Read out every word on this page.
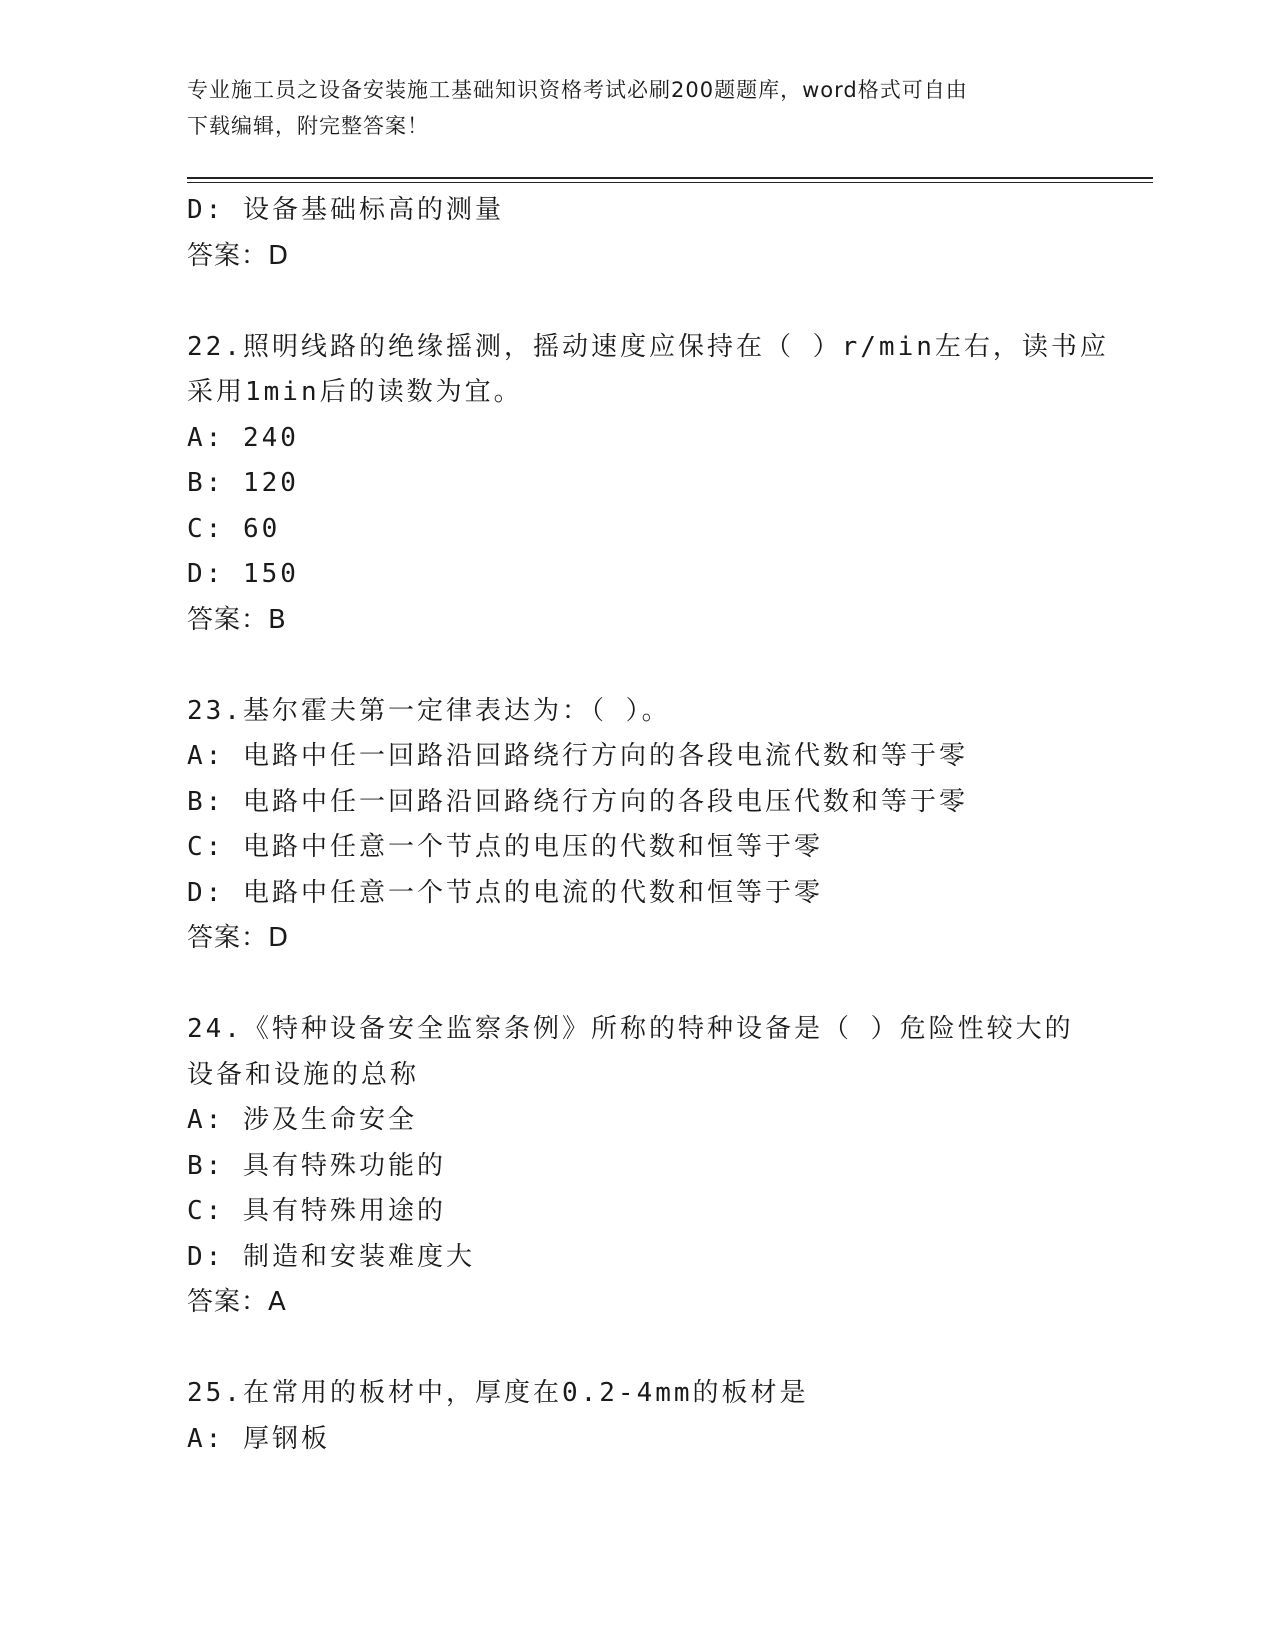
专业施工员之设备安装施工基础知识资格考试必刷200题题库，word格式可自由
下载编辑，附完整答案！
D: 设备基础标高的测量
答案：D
22.照明线路的绝缘摇测，摇动速度应保持在（ ）r/min左右，读书应
采用1min后的读数为宜。
A: 240
B: 120
C: 60
D: 150
答案：B
23.基尔霍夫第一定律表达为：（ ）。
A: 电路中任一回路沿回路绕行方向的各段电流代数和等于零
B: 电路中任一回路沿回路绕行方向的各段电压代数和等于零
C: 电路中任意一个节点的电压的代数和恒等于零
D: 电路中任意一个节点的电流的代数和恒等于零
答案：D
24.《特种设备安全监察条例》所称的特种设备是（ ）危险性较大的
设备和设施的总称
A: 涉及生命安全
B: 具有特殊功能的
C: 具有特殊用途的
D: 制造和安装难度大
答案：A
25.在常用的板材中，厚度在0.2-4mm的板材是
A: 厚钢板
